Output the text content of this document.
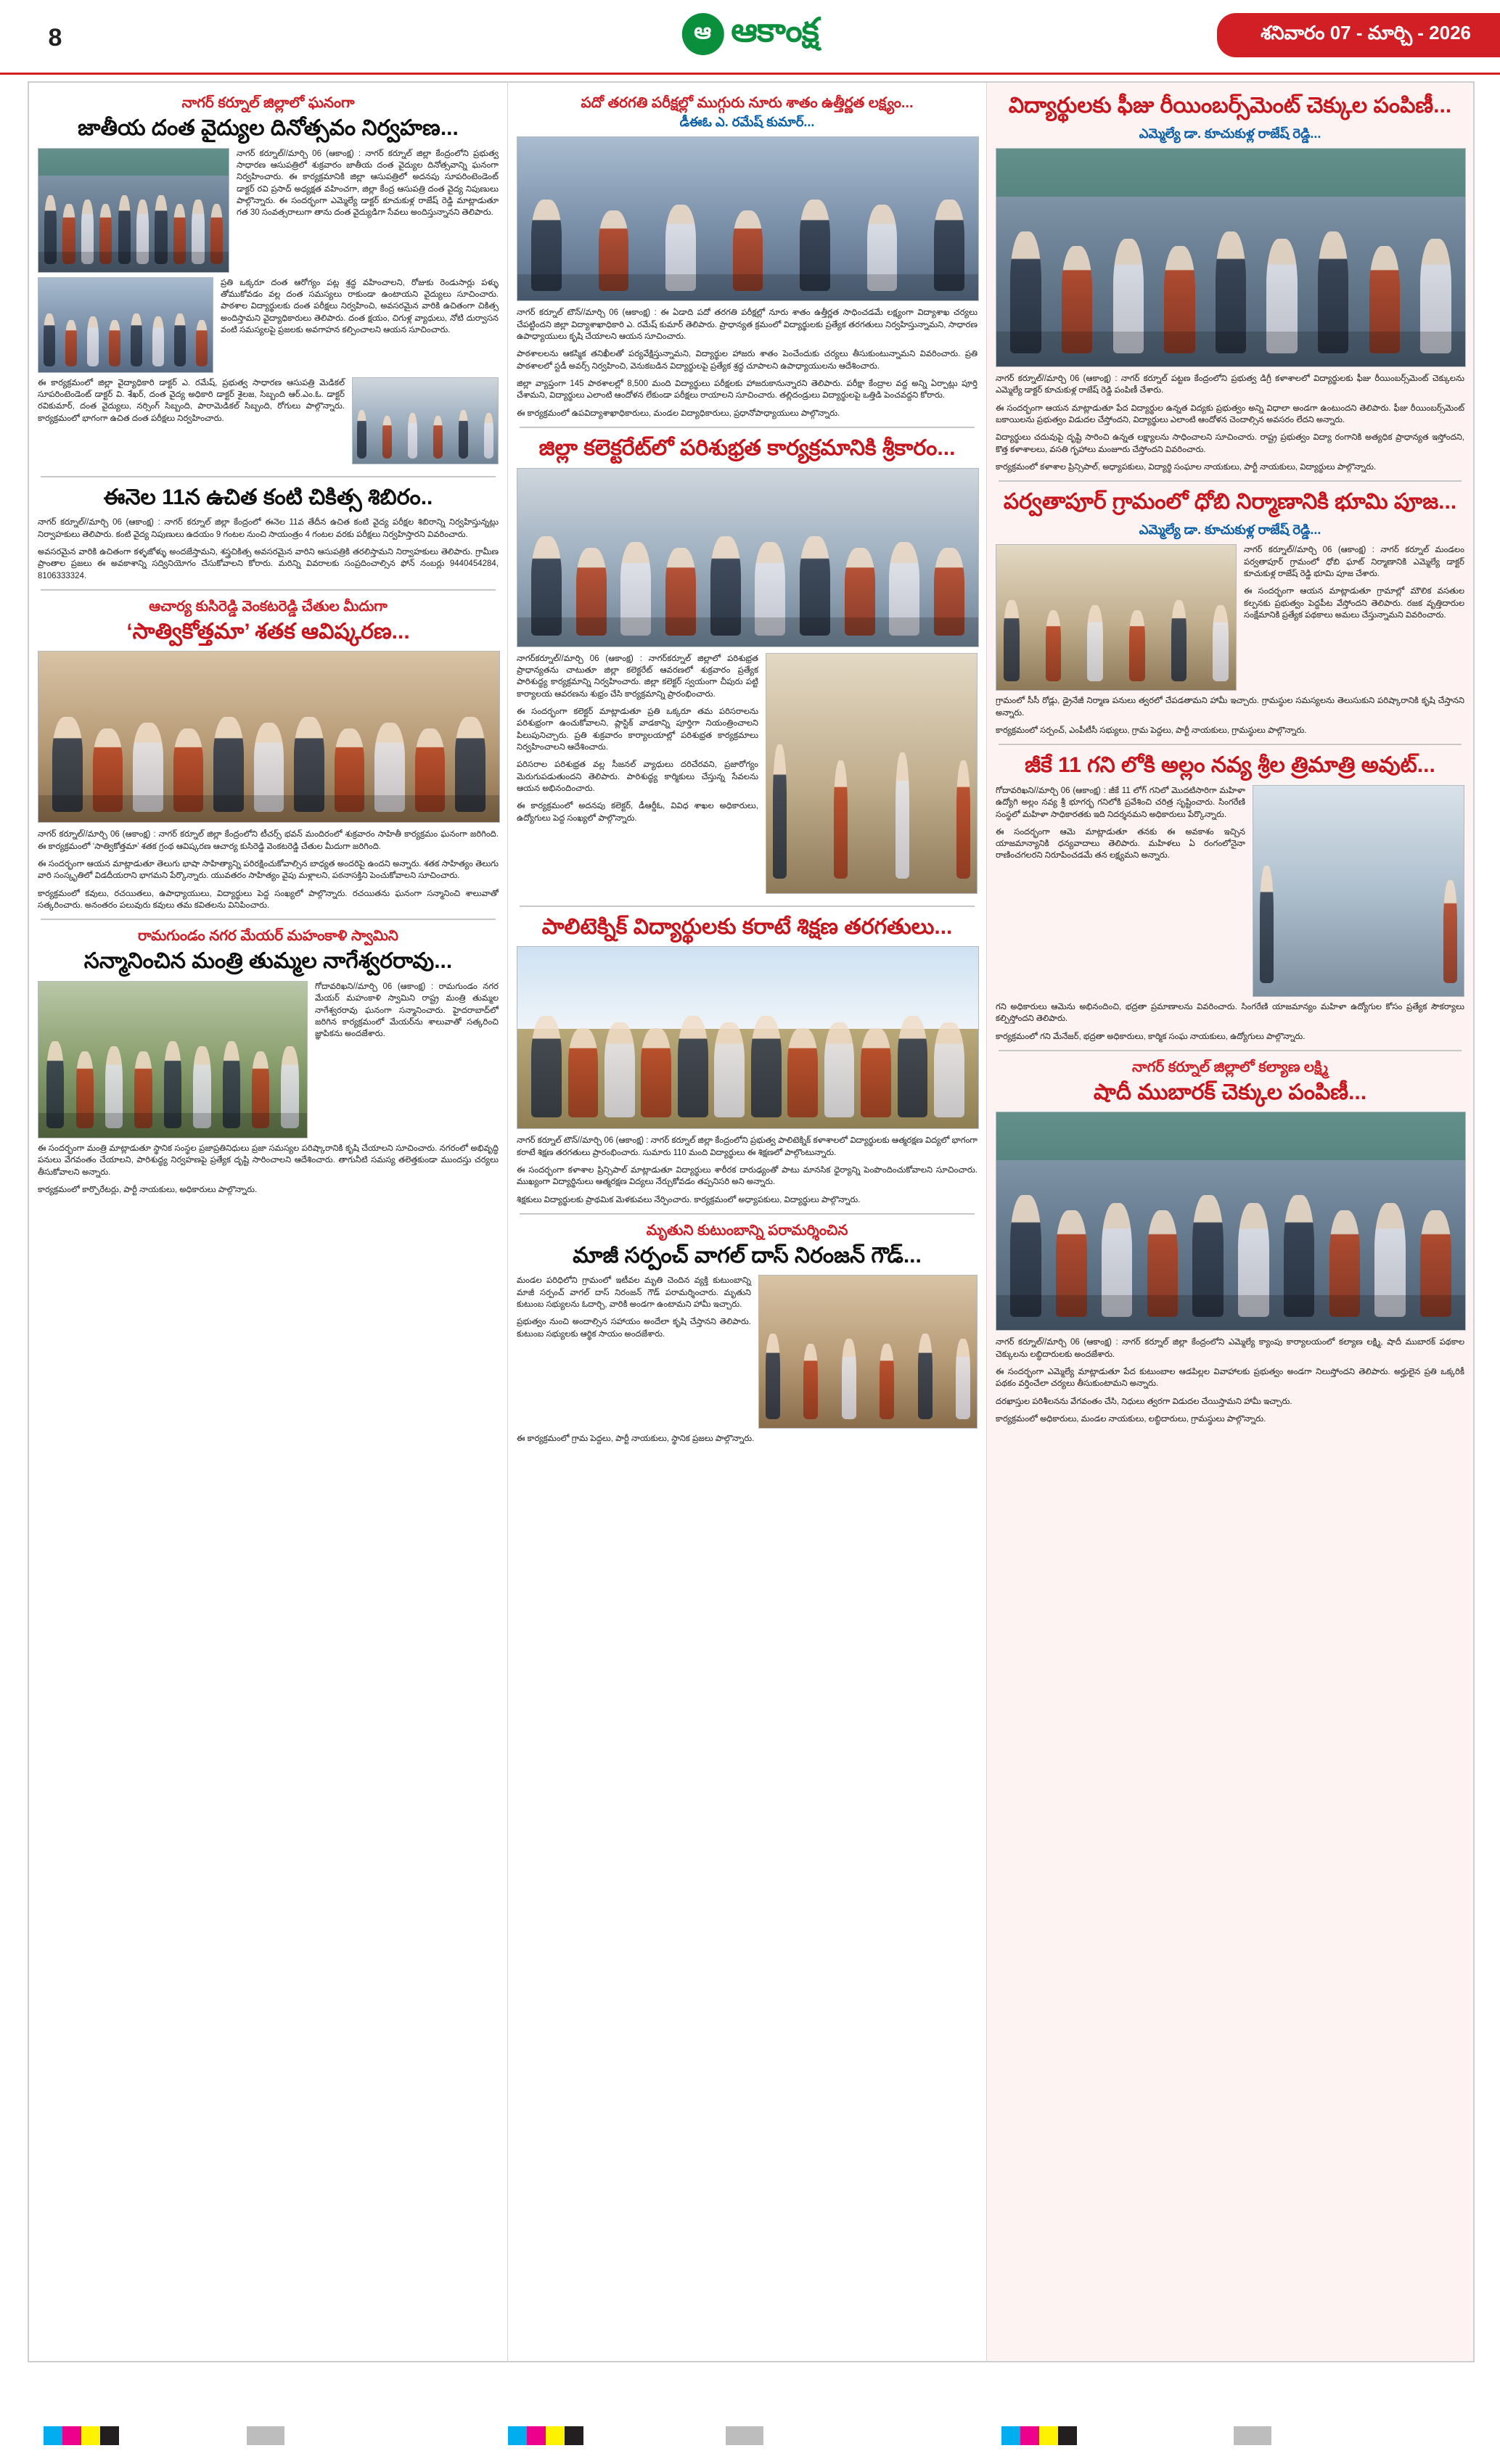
8	ఆ ఆకాంక్ష	శనివారం 07 - మార్చి - 2026
నాగర్ కర్నూల్ జిల్లాలో ఘనంగా
జాతీయ దంత వైద్యుల దినోత్సవం నిర్వహణ...
నాగర్ కర్నూల్//మార్చి 06 (ఆకాంక్ష) : నాగర్ కర్నూల్ జిల్లా కేంద్రంలోని ప్రభుత్వ సాధారణ ఆసుపత్రిలో శుక్రవారం జాతీయ దంత వైద్యుల దినోత్సవాన్ని ఘనంగా నిర్వహించారు. ఈ కార్యక్రమానికి జిల్లా ఆసుపత్రిలో అదనపు సూపరింటెండెంట్ డాక్టర్ రవి ప్రసాద్ అధ్యక్షత వహించగా, జిల్లా కేంద్ర ఆసుపత్రి దంత వైద్య నిపుణులు పాల్గొన్నారు. ఈ సందర్భంగా ఎమ్మెల్యే డాక్టర్ కూచుకుళ్ల రాజేష్ రెడ్డి మాట్లాడుతూ గత 30 సంవత్సరాలుగా తాను దంత వైద్యుడిగా సేవలు అందిస్తున్నానని తెలిపారు.
ప్రతి ఒక్కరూ దంత ఆరోగ్యం పట్ల శ్రద్ధ వహించాలని, రోజుకు రెండుసార్లు పళ్ళు తోముకోవడం వల్ల దంత సమస్యలు రాకుండా ఉంటాయని వైద్యులు సూచించారు. పాఠశాల విద్యార్థులకు దంత పరీక్షలు నిర్వహించి, అవసరమైన వారికి ఉచితంగా చికిత్స అందిస్తామని వైద్యాధికారులు తెలిపారు. దంత క్షయం, చిగుళ్ల వ్యాధులు, నోటి దుర్వాసన వంటి సమస్యలపై ప్రజలకు అవగాహన కల్పించాలని ఆయన సూచించారు.
ఈ కార్యక్రమంలో జిల్లా వైద్యాధికారి డాక్టర్ ఎ. రమేష్, ప్రభుత్వ సాధారణ ఆసుపత్రి మెడికల్ సూపరింటెండెంట్ డాక్టర్ వి. శేఖర్, దంత వైద్య అధికారి డాక్టర్ శైలజ, సిబ్బంది ఆర్.ఎం.ఓ. డాక్టర్ రవికుమార్, దంత వైద్యులు, నర్సింగ్ సిబ్బంది, పారామెడికల్ సిబ్బంది, రోగులు పాల్గొన్నారు. కార్యక్రమంలో భాగంగా ఉచిత దంత పరీక్షలు నిర్వహించారు.
ఈనెల 11న ఉచిత కంటి చికిత్స శిబిరం..
నాగర్ కర్నూల్//మార్చి 06 (ఆకాంక్ష) : నాగర్ కర్నూల్ జిల్లా కేంద్రంలో ఈనెల 11వ తేదీన ఉచిత కంటి వైద్య పరీక్షల శిబిరాన్ని నిర్వహిస్తున్నట్లు నిర్వాహకులు తెలిపారు. కంటి వైద్య నిపుణులు ఉదయం 9 గంటల నుంచి సాయంత్రం 4 గంటల వరకు పరీక్షలు నిర్వహిస్తారని వివరించారు.
అవసరమైన వారికి ఉచితంగా కళ్ళజోళ్ళు అందజేస్తామని, శస్త్రచికిత్స అవసరమైన వారిని ఆసుపత్రికి తరలిస్తామని నిర్వాహకులు తెలిపారు. గ్రామీణ ప్రాంతాల ప్రజలు ఈ అవకాశాన్ని సద్వినియోగం చేసుకోవాలని కోరారు. మరిన్ని వివరాలకు సంప్రదించాల్సిన ఫోన్ నంబర్లు 9440454284, 8106333324.
ఆచార్య కుసిరెడ్డి వెంకటరెడ్డి చేతుల మీదుగా
‘సాత్వికోత్తమా’ శతక ఆవిష్కరణ...
నాగర్ కర్నూల్//మార్చి 06 (ఆకాంక్ష) : నాగర్ కర్నూల్ జిల్లా కేంద్రంలోని టీచర్స్ భవన్ మందిరంలో శుక్రవారం సాహితీ కార్యక్రమం ఘనంగా జరిగింది. ఈ కార్యక్రమంలో ‘సాత్వికోత్తమా’ శతక గ్రంథ ఆవిష్కరణ ఆచార్య కుసిరెడ్డి వెంకటరెడ్డి చేతుల మీదుగా జరిగింది.
ఈ సందర్భంగా ఆయన మాట్లాడుతూ తెలుగు భాషా సాహిత్యాన్ని పరిరక్షించుకోవాల్సిన బాధ్యత అందరిపై ఉందని అన్నారు. శతక సాహిత్యం తెలుగు వారి సంస్కృతిలో విడదీయరాని భాగమని పేర్కొన్నారు. యువతరం సాహిత్యం వైపు మళ్లాలని, పఠనాసక్తిని పెంచుకోవాలని సూచించారు.
కార్యక్రమంలో కవులు, రచయితలు, ఉపాధ్యాయులు, విద్యార్థులు పెద్ద సంఖ్యలో పాల్గొన్నారు. రచయితను ఘనంగా సన్మానించి శాలువాతో సత్కరించారు. అనంతరం పలువురు కవులు తమ కవితలను వినిపించారు.
రామగుండం నగర మేయర్ మహంకాళి స్వామిని
సన్మానించిన మంత్రి తుమ్మల నాగేశ్వరరావు...
గోదావరిఖని//మార్చి 06 (ఆకాంక్ష) : రామగుండం నగర మేయర్ మహంకాళి స్వామిని రాష్ట్ర మంత్రి తుమ్మల నాగేశ్వరరావు ఘనంగా సన్మానించారు. హైదరాబాద్‌లో జరిగిన కార్యక్రమంలో మేయర్‌ను శాలువాతో సత్కరించి జ్ఞాపికను అందజేశారు.
ఈ సందర్భంగా మంత్రి మాట్లాడుతూ స్థానిక సంస్థల ప్రజాప్రతినిధులు ప్రజా సమస్యల పరిష్కారానికి కృషి చేయాలని సూచించారు. నగరంలో అభివృద్ధి పనులు వేగవంతం చేయాలని, పారిశుద్ధ్య నిర్వహణపై ప్రత్యేక దృష్టి సారించాలని ఆదేశించారు. తాగునీటి సమస్య తలెత్తకుండా ముందస్తు చర్యలు తీసుకోవాలని అన్నారు.
కార్యక్రమంలో కార్పొరేటర్లు, పార్టీ నాయకులు, అధికారులు పాల్గొన్నారు.
పదో తరగతి పరీక్షల్లో ముగ్గురు నూరు శాతం ఉత్తీర్ణత లక్ష్యం...
డీఈఓ ఎ. రమేష్ కుమార్...
నాగర్ కర్నూల్ టౌన్//మార్చి 06 (ఆకాంక్ష) : ఈ ఏడాది పదో తరగతి పరీక్షల్లో నూరు శాతం ఉత్తీర్ణత సాధించడమే లక్ష్యంగా విద్యాశాఖ చర్యలు చేపట్టిందని జిల్లా విద్యాశాఖాధికారి ఎ. రమేష్ కుమార్ తెలిపారు. ప్రాధాన్యత క్రమంలో విద్యార్థులకు ప్రత్యేక తరగతులు నిర్వహిస్తున్నామని, సాధారణ ఉపాధ్యాయులు కృషి చేయాలని ఆయన సూచించారు.
పాఠశాలలను ఆకస్మిక తనిఖీలతో పర్యవేక్షిస్తున్నామని, విద్యార్థుల హాజరు శాతం పెంచేందుకు చర్యలు తీసుకుంటున్నామని వివరించారు. ప్రతి పాఠశాలలో స్టడీ అవర్స్ నిర్వహించి, వెనుకబడిన విద్యార్థులపై ప్రత్యేక శ్రద్ధ చూపాలని ఉపాధ్యాయులను ఆదేశించారు.
జిల్లా వ్యాప్తంగా 145 పాఠశాలల్లో 8,500 మంది విద్యార్థులు పరీక్షలకు హాజరుకానున్నారని తెలిపారు. పరీక్షా కేంద్రాల వద్ద అన్ని ఏర్పాట్లు పూర్తి చేశామని, విద్యార్థులు ఎలాంటి ఆందోళన లేకుండా పరీక్షలు రాయాలని సూచించారు. తల్లిదండ్రులు విద్యార్థులపై ఒత్తిడి పెంచవద్దని కోరారు.
ఈ కార్యక్రమంలో ఉపవిద్యాశాఖాధికారులు, మండల విద్యాధికారులు, ప్రధానోపాధ్యాయులు పాల్గొన్నారు.
జిల్లా కలెక్టరేట్‌లో పరిశుభ్రత కార్యక్రమానికి శ్రీకారం...
నాగర్‌కర్నూల్//మార్చి 06 (ఆకాంక్ష) : నాగర్‌కర్నూల్ జిల్లాలో పరిశుభ్రత ప్రాధాన్యతను చాటుతూ జిల్లా కలెక్టరేట్ ఆవరణలో శుక్రవారం ప్రత్యేక పారిశుద్ధ్య కార్యక్రమాన్ని నిర్వహించారు. జిల్లా కలెక్టర్ స్వయంగా చీపురు పట్టి కార్యాలయ ఆవరణను శుభ్రం చేసి కార్యక్రమాన్ని ప్రారంభించారు.
ఈ సందర్భంగా కలెక్టర్ మాట్లాడుతూ ప్రతి ఒక్కరూ తమ పరిసరాలను పరిశుభ్రంగా ఉంచుకోవాలని, ప్లాస్టిక్ వాడకాన్ని పూర్తిగా నియంత్రించాలని పిలుపునిచ్చారు. ప్రతి శుక్రవారం కార్యాలయాల్లో పరిశుభ్రత కార్యక్రమాలు నిర్వహించాలని ఆదేశించారు.
పరిసరాల పరిశుభ్రత వల్ల సీజనల్ వ్యాధులు దరిచేరవని, ప్రజారోగ్యం మెరుగుపడుతుందని తెలిపారు. పారిశుద్ధ్య కార్మికులు చేస్తున్న సేవలను ఆయన అభినందించారు.
ఈ కార్యక్రమంలో అదనపు కలెక్టర్, డీఆర్డీఓ, వివిధ శాఖల అధికారులు, ఉద్యోగులు పెద్ద సంఖ్యలో పాల్గొన్నారు.
పాలిటెక్నిక్ విద్యార్థులకు కరాటే శిక్షణ తరగతులు...
నాగర్ కర్నూల్ టౌన్//మార్చి 06 (ఆకాంక్ష) : నాగర్ కర్నూల్ జిల్లా కేంద్రంలోని ప్రభుత్వ పాలిటెక్నిక్ కళాశాలలో విద్యార్థులకు ఆత్మరక్షణ విద్యలో భాగంగా కరాటే శిక్షణ తరగతులు ప్రారంభించారు. సుమారు 110 మంది విద్యార్థులు ఈ శిక్షణలో పాల్గొంటున్నారు.
ఈ సందర్భంగా కళాశాల ప్రిన్సిపాల్ మాట్లాడుతూ విద్యార్థులు శారీరక దారుఢ్యంతో పాటు మానసిక ధైర్యాన్ని పెంపొందించుకోవాలని సూచించారు. ముఖ్యంగా విద్యార్థినులు ఆత్మరక్షణ విద్యలు నేర్చుకోవడం తప్పనిసరి అని అన్నారు.
శిక్షకులు విద్యార్థులకు ప్రాథమిక మెళకువలు నేర్పించారు. కార్యక్రమంలో అధ్యాపకులు, విద్యార్థులు పాల్గొన్నారు.
మృతుని కుటుంబాన్ని పరామర్శించిన
మాజీ సర్పంచ్ వాగల్ దాస్ నిరంజన్ గౌడ్...
మండల పరిధిలోని గ్రామంలో ఇటీవల మృతి చెందిన వ్యక్తి కుటుంబాన్ని మాజీ సర్పంచ్ వాగల్ దాస్ నిరంజన్ గౌడ్ పరామర్శించారు. మృతుని కుటుంబ సభ్యులను ఓదార్చి, వారికి అండగా ఉంటామని హామీ ఇచ్చారు.
ప్రభుత్వం నుంచి అందాల్సిన సహాయం అందేలా కృషి చేస్తానని తెలిపారు. కుటుంబ సభ్యులకు ఆర్థిక సాయం అందజేశారు.
ఈ కార్యక్రమంలో గ్రామ పెద్దలు, పార్టీ నాయకులు, స్థానిక ప్రజలు పాల్గొన్నారు.
విద్యార్థులకు ఫీజు రీయింబర్స్‌మెంట్ చెక్కుల పంపిణీ...
ఎమ్మెల్యే డా. కూచుకుళ్ల రాజేష్ రెడ్డి...
నాగర్ కర్నూల్//మార్చి 06 (ఆకాంక్ష) : నాగర్ కర్నూల్ పట్టణ కేంద్రంలోని ప్రభుత్వ డిగ్రీ కళాశాలలో విద్యార్థులకు ఫీజు రీయింబర్స్‌మెంట్ చెక్కులను ఎమ్మెల్యే డాక్టర్ కూచుకుళ్ల రాజేష్ రెడ్డి పంపిణీ చేశారు.
ఈ సందర్భంగా ఆయన మాట్లాడుతూ పేద విద్యార్థుల ఉన్నత విద్యకు ప్రభుత్వం అన్ని విధాలా అండగా ఉంటుందని తెలిపారు. ఫీజు రీయింబర్స్‌మెంట్ బకాయిలను ప్రభుత్వం విడుదల చేస్తోందని, విద్యార్థులు ఎలాంటి ఆందోళన చెందాల్సిన అవసరం లేదని అన్నారు.
విద్యార్థులు చదువుపై దృష్టి సారించి ఉన్నత లక్ష్యాలను సాధించాలని సూచించారు. రాష్ట్ర ప్రభుత్వం విద్యా రంగానికి అత్యధిక ప్రాధాన్యత ఇస్తోందని, కొత్త కళాశాలలు, వసతి గృహాలు మంజూరు చేస్తోందని వివరించారు.
కార్యక్రమంలో కళాశాల ప్రిన్సిపాల్, అధ్యాపకులు, విద్యార్థి సంఘాల నాయకులు, పార్టీ నాయకులు, విద్యార్థులు పాల్గొన్నారు.
పర్వతాపూర్ గ్రామంలో ధోబి నిర్మాణానికి భూమి పూజ...
ఎమ్మెల్యే డా. కూచుకుళ్ల రాజేష్ రెడ్డి...
నాగర్ కర్నూల్//మార్చి 06 (ఆకాంక్ష) : నాగర్ కర్నూల్ మండలం పర్వతాపూర్ గ్రామంలో ధోబి ఘాట్ నిర్మాణానికి ఎమ్మెల్యే డాక్టర్ కూచుకుళ్ల రాజేష్ రెడ్డి భూమి పూజ చేశారు.
ఈ సందర్భంగా ఆయన మాట్లాడుతూ గ్రామాల్లో మౌలిక వసతుల కల్పనకు ప్రభుత్వం పెద్దపీట వేస్తోందని తెలిపారు. రజక వృత్తిదారుల సంక్షేమానికి ప్రత్యేక పథకాలు అమలు చేస్తున్నామని వివరించారు.
గ్రామంలో సీసీ రోడ్లు, డ్రైనేజీ నిర్మాణ పనులు త్వరలో చేపడతామని హామీ ఇచ్చారు. గ్రామస్థుల సమస్యలను తెలుసుకుని పరిష్కారానికి కృషి చేస్తానని అన్నారు.
కార్యక్రమంలో సర్పంచ్, ఎంపీటీసీ సభ్యులు, గ్రామ పెద్దలు, పార్టీ నాయకులు, గ్రామస్థులు పాల్గొన్నారు.
జీకే 11 గని లోకి అల్లం నవ్య శ్రీల త్రిమాత్రి అవుట్...
గోదావరిఖని//మార్చి 06 (ఆకాంక్ష) : జీకే 11 లోగ్ గనిలో మొదటిసారిగా మహిళా ఉద్యోగి అల్లం నవ్య శ్రీ భూగర్భ గనిలోకి ప్రవేశించి చరిత్ర సృష్టించారు. సింగరేణి సంస్థలో మహిళా సాధికారతకు ఇది నిదర్శనమని అధికారులు పేర్కొన్నారు.
ఈ సందర్భంగా ఆమె మాట్లాడుతూ తనకు ఈ అవకాశం ఇచ్చిన యాజమాన్యానికి ధన్యవాదాలు తెలిపారు. మహిళలు ఏ రంగంలోనైనా రాణించగలరని నిరూపించడమే తన లక్ష్యమని అన్నారు.
గని అధికారులు ఆమెను అభినందించి, భద్రతా ప్రమాణాలను వివరించారు. సింగరేణి యాజమాన్యం మహిళా ఉద్యోగుల కోసం ప్రత్యేక సౌకర్యాలు కల్పిస్తోందని తెలిపారు.
కార్యక్రమంలో గని మేనేజర్, భద్రతా అధికారులు, కార్మిక సంఘ నాయకులు, ఉద్యోగులు పాల్గొన్నారు.
నాగర్ కర్నూల్ జిల్లాలో కల్యాణ లక్ష్మి
షాదీ ముబారక్ చెక్కుల పంపిణీ...
నాగర్ కర్నూల్//మార్చి 06 (ఆకాంక్ష) : నాగర్ కర్నూల్ జిల్లా కేంద్రంలోని ఎమ్మెల్యే క్యాంపు కార్యాలయంలో కల్యాణ లక్ష్మి, షాదీ ముబారక్ పథకాల చెక్కులను లబ్ధిదారులకు అందజేశారు.
ఈ సందర్భంగా ఎమ్మెల్యే మాట్లాడుతూ పేద కుటుంబాల ఆడపిల్లల వివాహాలకు ప్రభుత్వం అండగా నిలుస్తోందని తెలిపారు. అర్హులైన ప్రతి ఒక్కరికీ పథకం వర్తించేలా చర్యలు తీసుకుంటామని అన్నారు.
దరఖాస్తుల పరిశీలనను వేగవంతం చేసి, నిధులు త్వరగా విడుదల చేయిస్తామని హామీ ఇచ్చారు.
కార్యక్రమంలో అధికారులు, మండల నాయకులు, లబ్ధిదారులు, గ్రామస్థులు పాల్గొన్నారు.
